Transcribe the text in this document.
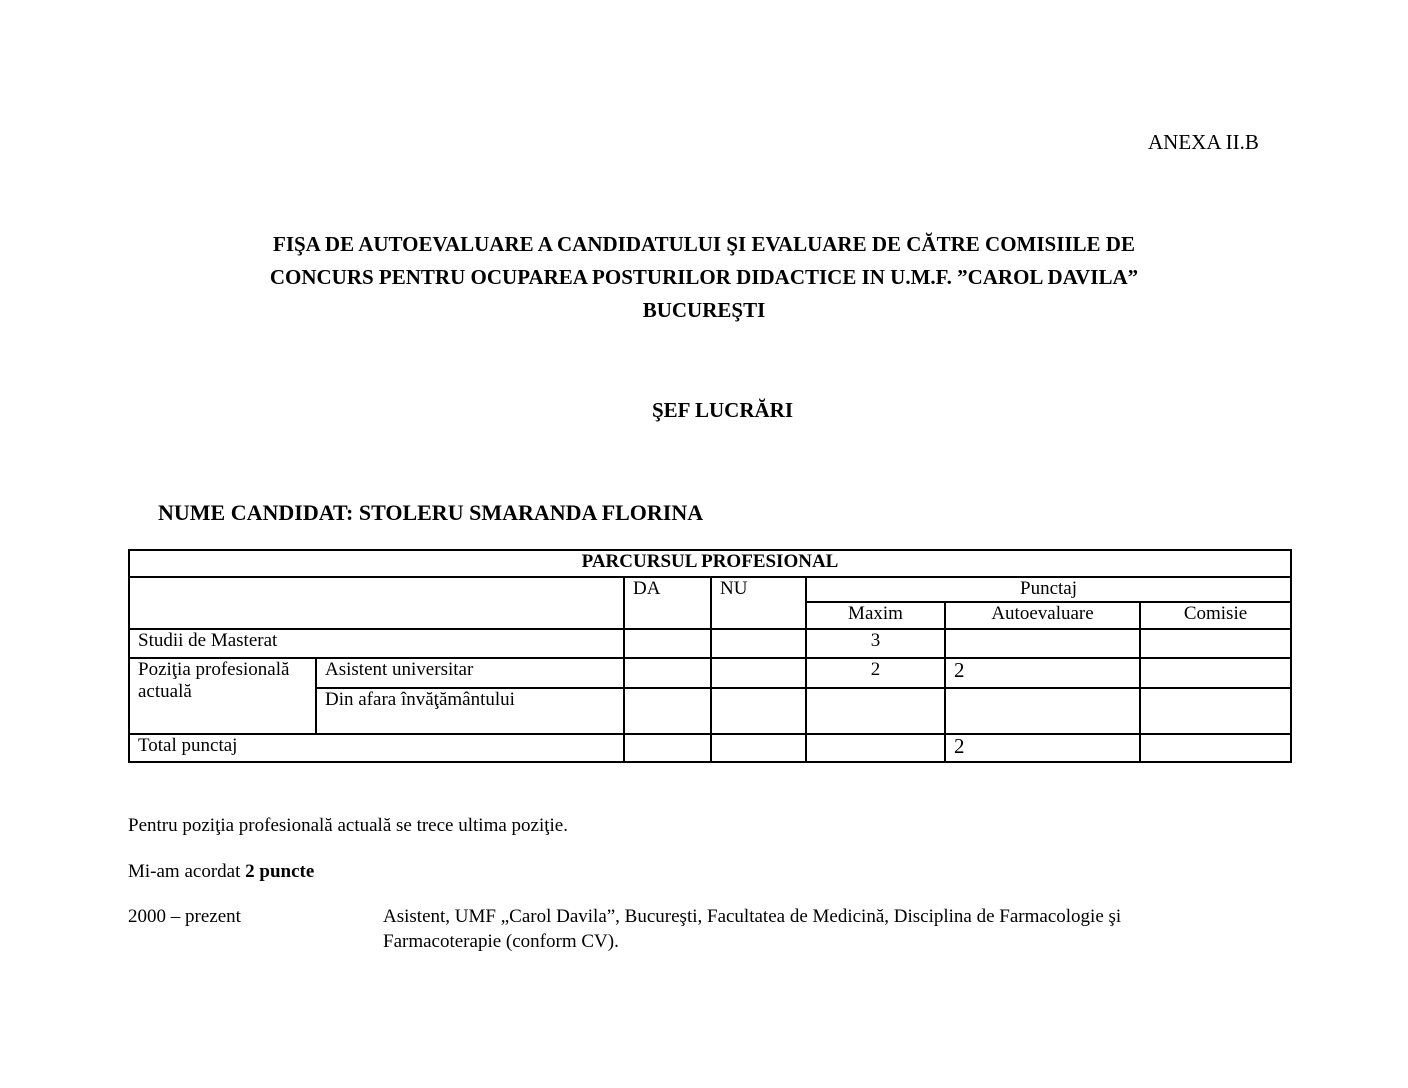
ANEXA II.B
FIŞA DE AUTOEVALUARE A CANDIDATULUI ŞI EVALUARE DE CĂTRE COMISIILE DE
CONCURS PENTRU OCUPAREA POSTURILOR DIDACTICE IN U.M.F. ”CAROL DAVILA”
BUCUREŞTI
ŞEF LUCRĂRI
NUME CANDIDAT: STOLERU SMARANDA FLORINA
PARCURSUL PROFESIONAL						
		DA	NU	Punctaj		
				Maxim	Autoevaluare	Comisie
Studii de Masterat				3		
Poziţia profesională actuală	Asistent universitar			2	2	
	Din afara învăţământului					
Total punctaj					2	
Pentru poziţia profesională actuală se trece ultima poziţie.
Mi-am acordat 2 puncte
2000 – prezent	Asistent, UMF „Carol Davila”, Bucureşti, Facultatea de Medicină, Disciplina de Farmacologie şi
Farmacoterapie (conform CV).
